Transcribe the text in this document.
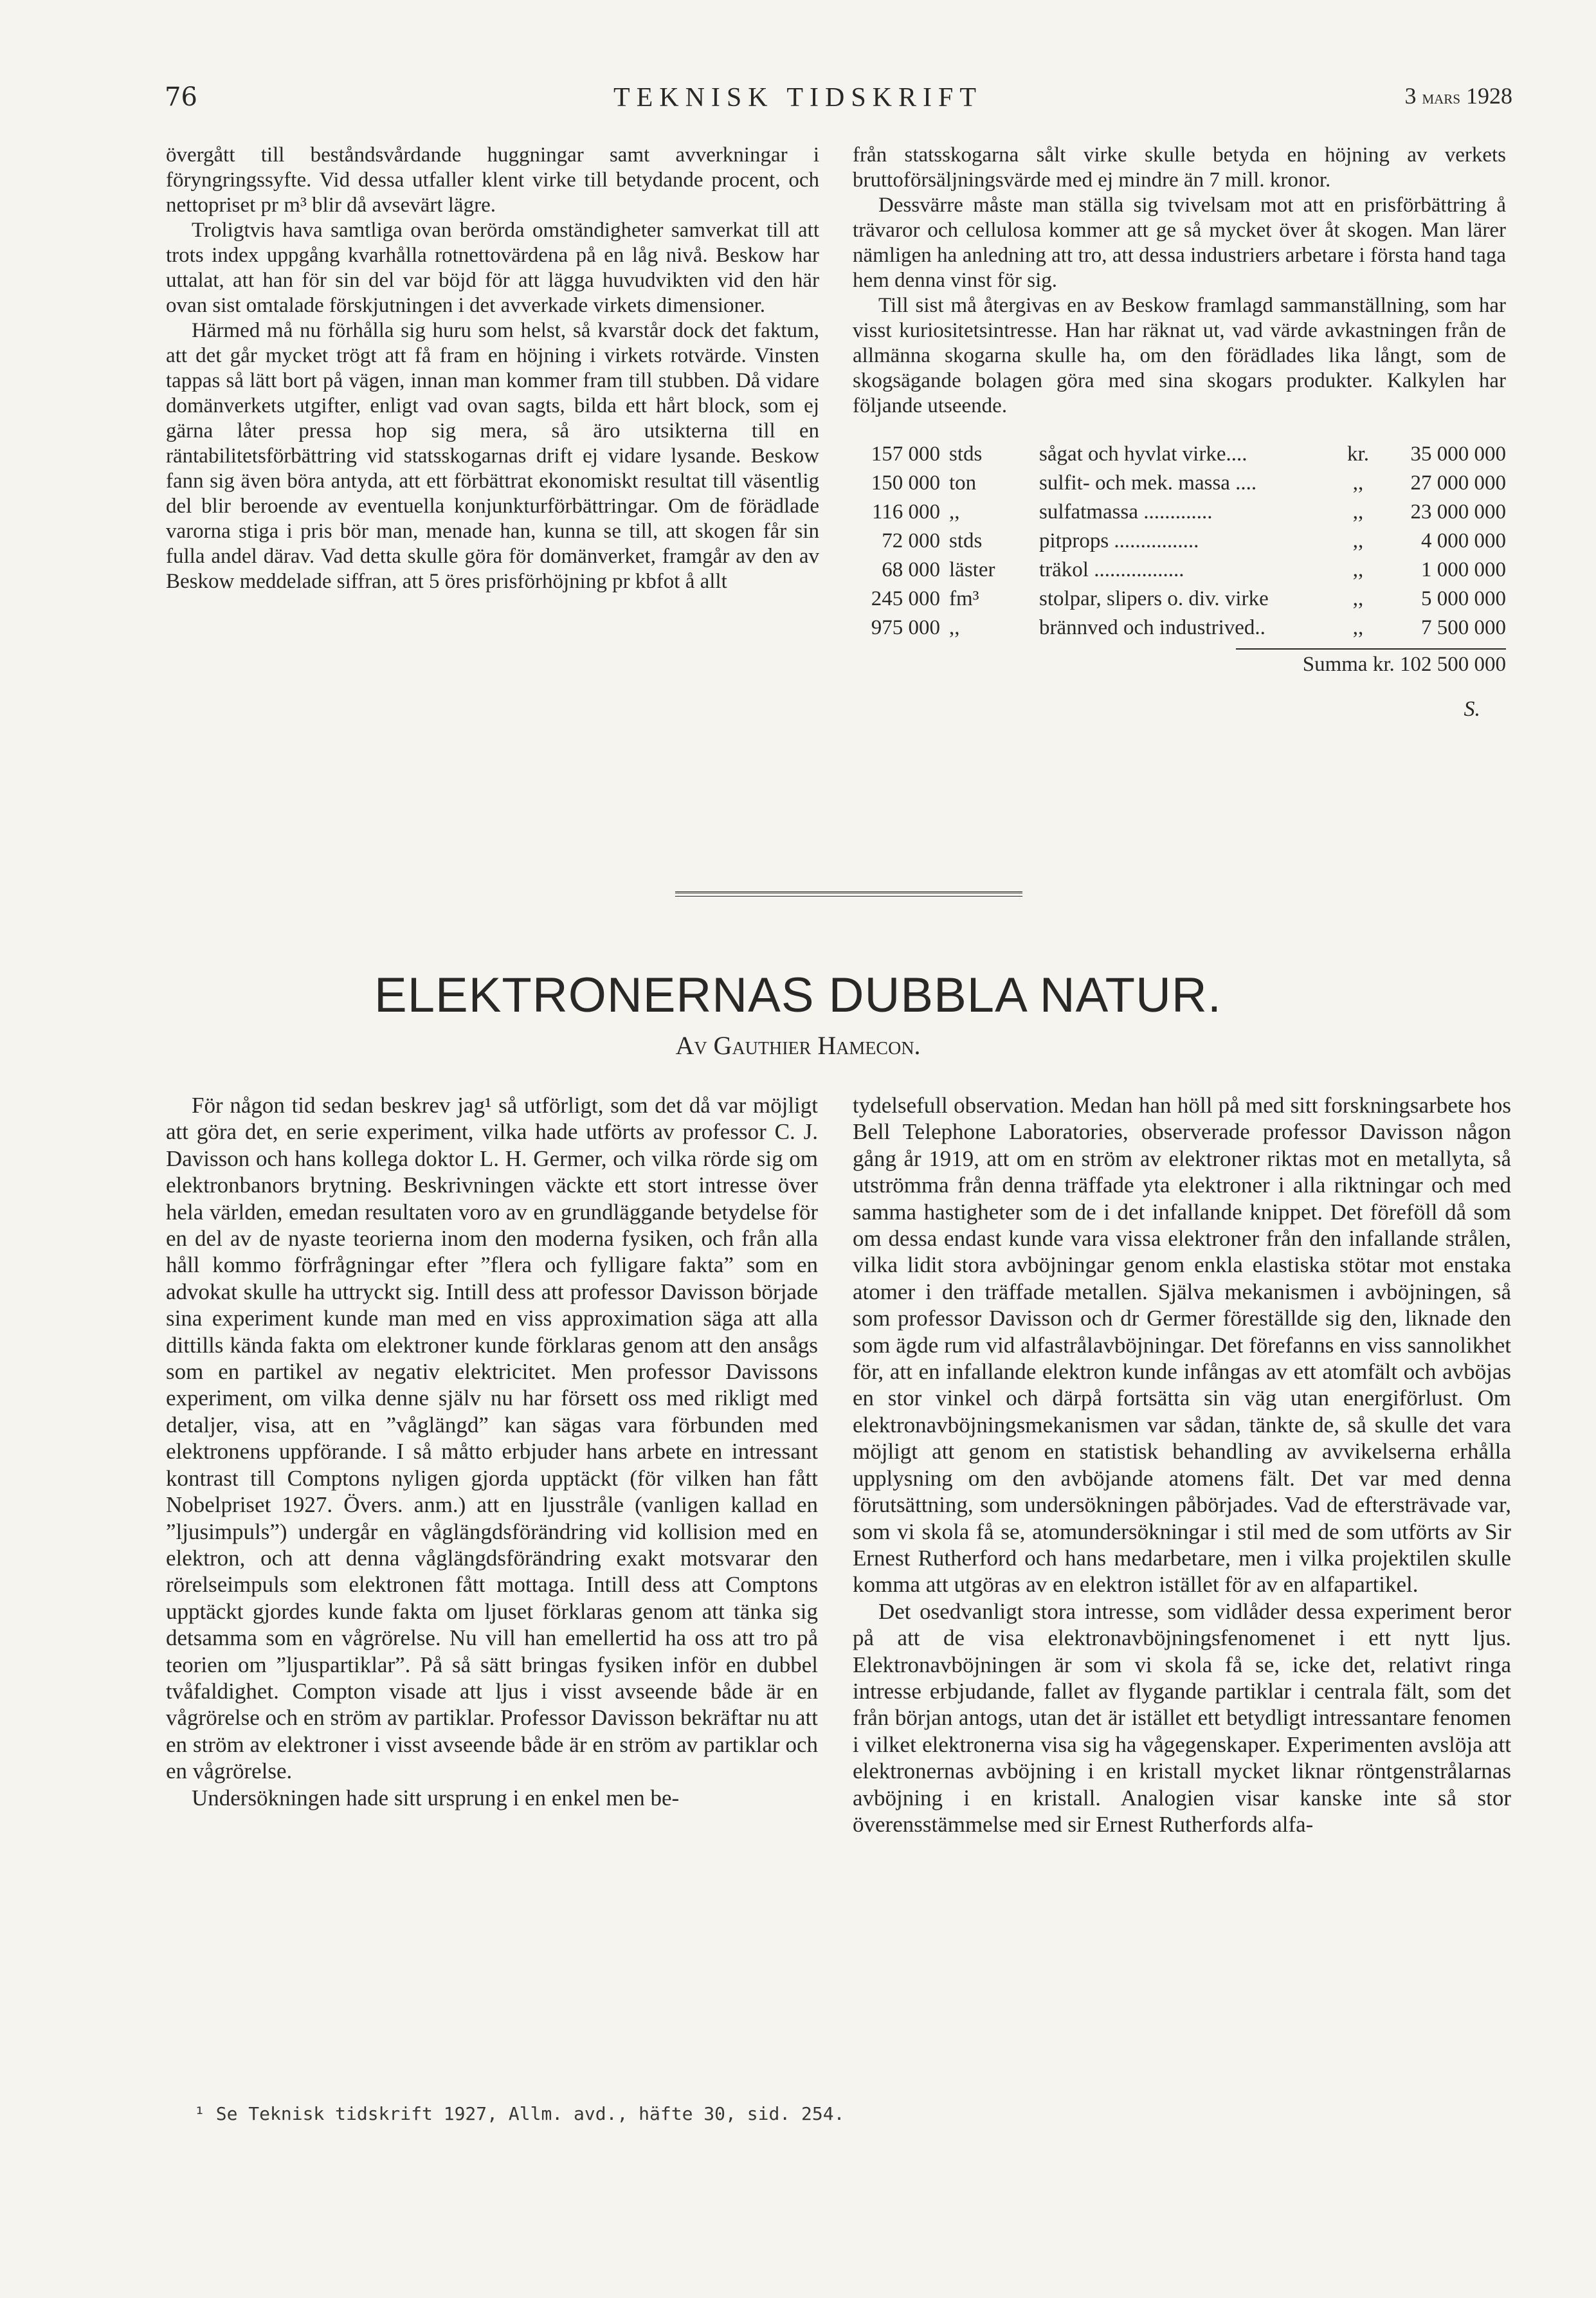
76	TEKNISK TIDSKRIFT	3 mars 1928

övergått till beståndsvårdande huggningar samt avverkningar i föryngringssyfte. Vid dessa utfaller klent virke till betydande procent, och nettopriset pr m³ blir då avsevärt lägre.

Troligtvis hava samtliga ovan berörda omständigheter samverkat till att trots index uppgång kvarhålla rotnettovärdena på en låg nivå. Beskow har uttalat, att han för sin del var böjd för att lägga huvudvikten vid den här ovan sist omtalade förskjutningen i det avverkade virkets dimensioner.

Härmed må nu förhålla sig huru som helst, så kvarstår dock det faktum, att det går mycket trögt att få fram en höjning i virkets rotvärde. Vinsten tappas så lätt bort på vägen, innan man kommer fram till stubben. Då vidare domänverkets utgifter, enligt vad ovan sagts, bilda ett hårt block, som ej gärna låter pressa hop sig mera, så äro utsikterna till en räntabilitetsförbättring vid statsskogarnas drift ej vidare lysande. Beskow fann sig även böra antyda, att ett förbättrat ekonomiskt resultat till väsentlig del blir beroende av eventuella konjunkturförbättringar. Om de förädlade varorna stiga i pris bör man, menade han, kunna se till, att skogen får sin fulla andel därav. Vad detta skulle göra för domänverket, framgår av den av Beskow meddelade siffran, att 5 öres prisförhöjning pr kbfot å allt

från statsskogarna sålt virke skulle betyda en höjning av verkets bruttoförsäljningsvärde med ej mindre än 7 mill. kronor.

Dessvärre måste man ställa sig tvivelsam mot att en prisförbättring å trävaror och cellulosa kommer att ge så mycket över åt skogen. Man lärer nämligen ha anledning att tro, att dessa industriers arbetare i första hand taga hem denna vinst för sig.

Till sist må återgivas en av Beskow framlagd sammanställning, som har visst kuriositetsintresse. Han har räknat ut, vad värde avkastningen från de allmänna skogarna skulle ha, om den förädlades lika långt, som de skogsägande bolagen göra med sina skogars produkter. Kalkylen har följande utseende.

157 000	stds	sågat och hyvlat virke....	kr.	35 000 000
150 000	ton	sulfit- och mek. massa ....	,,	27 000 000
116 000	,,	sulfatmassa .............	,,	23 000 000
72 000	stds	pitprops ................	,,	4 000 000
68 000	läster	träkol .................	,,	1 000 000
245 000	fm³	stolpar, slipers o. div. virke	,,	5 000 000
975 000	,,	brännved och industrived..	,,	7 500 000
Summa kr. 102 500 000
S.
ELEKTRONERNAS DUBBLA NATUR.
Av Gauthier Hamecon.

För någon tid sedan beskrev jag¹ så utförligt, som det då var möjligt att göra det, en serie experiment, vilka hade utförts av professor C. J. Davisson och hans kollega doktor L. H. Germer, och vilka rörde sig om elektronbanors brytning. Beskrivningen väckte ett stort intresse över hela världen, emedan resultaten voro av en grundläggande betydelse för en del av de nyaste teorierna inom den moderna fysiken, och från alla håll kommo förfrågningar efter ”flera och fylligare fakta” som en advokat skulle ha uttryckt sig. Intill dess att professor Davisson började sina experiment kunde man med en viss approximation säga att alla dittills kända fakta om elektroner kunde förklaras genom att den ansågs som en partikel av negativ elektricitet. Men professor Davissons experiment, om vilka denne själv nu har försett oss med rikligt med detaljer, visa, att en ”våglängd” kan sägas vara förbunden med elektronens uppförande. I så måtto erbjuder hans arbete en intressant kontrast till Comptons nyligen gjorda upptäckt (för vilken han fått Nobelpriset 1927. Övers. anm.) att en ljusstråle (vanligen kallad en ”ljusimpuls”) undergår en våglängdsförändring vid kollision med en elektron, och att denna våglängdsförändring exakt motsvarar den rörelseimpuls som elektronen fått mottaga. Intill dess att Comptons upptäckt gjordes kunde fakta om ljuset förklaras genom att tänka sig detsamma som en vågrörelse. Nu vill han emellertid ha oss att tro på teorien om ”ljuspartiklar”. På så sätt bringas fysiken inför en dubbel tvåfaldighet. Compton visade att ljus i visst avseende både är en vågrörelse och en ström av partiklar. Professor Davisson bekräftar nu att en ström av elektroner i visst avseende både är en ström av partiklar och en vågrörelse.

Undersökningen hade sitt ursprung i en enkel men be-

tydelsefull observation. Medan han höll på med sitt forskningsarbete hos Bell Telephone Laboratories, observerade professor Davisson någon gång år 1919, att om en ström av elektroner riktas mot en metallyta, så utströmma från denna träffade yta elektroner i alla riktningar och med samma hastigheter som de i det infallande knippet. Det föreföll då som om dessa endast kunde vara vissa elektroner från den infallande strålen, vilka lidit stora avböjningar genom enkla elastiska stötar mot enstaka atomer i den träffade metallen. Själva mekanismen i avböjningen, så som professor Davisson och dr Germer föreställde sig den, liknade den som ägde rum vid alfastrålavböjningar. Det förefanns en viss sannolikhet för, att en infallande elektron kunde infångas av ett atomfält och avböjas en stor vinkel och därpå fortsätta sin väg utan energiförlust. Om elektronavböjningsmekanismen var sådan, tänkte de, så skulle det vara möjligt att genom en statistisk behandling av avvikelserna erhålla upplysning om den avböjande atomens fält. Det var med denna förutsättning, som undersökningen påbörjades. Vad de eftersträvade var, som vi skola få se, atomundersökningar i stil med de som utförts av Sir Ernest Rutherford och hans medarbetare, men i vilka projektilen skulle komma att utgöras av en elektron istället för av en alfapartikel.

Det osedvanligt stora intresse, som vidlåder dessa experiment beror på att de visa elektronavböjningsfenomenet i ett nytt ljus. Elektronavböjningen är som vi skola få se, icke det, relativt ringa intresse erbjudande, fallet av flygande partiklar i centrala fält, som det från början antogs, utan det är istället ett betydligt intressantare fenomen i vilket elektronerna visa sig ha vågegenskaper. Experimenten avslöja att elektronernas avböjning i en kristall mycket liknar röntgenstrålarnas avböjning i en kristall. Analogien visar kanske inte så stor överensstämmelse med sir Ernest Rutherfords alfa-

¹ Se Teknisk tidskrift 1927, Allm. avd., häfte 30, sid. 254.
